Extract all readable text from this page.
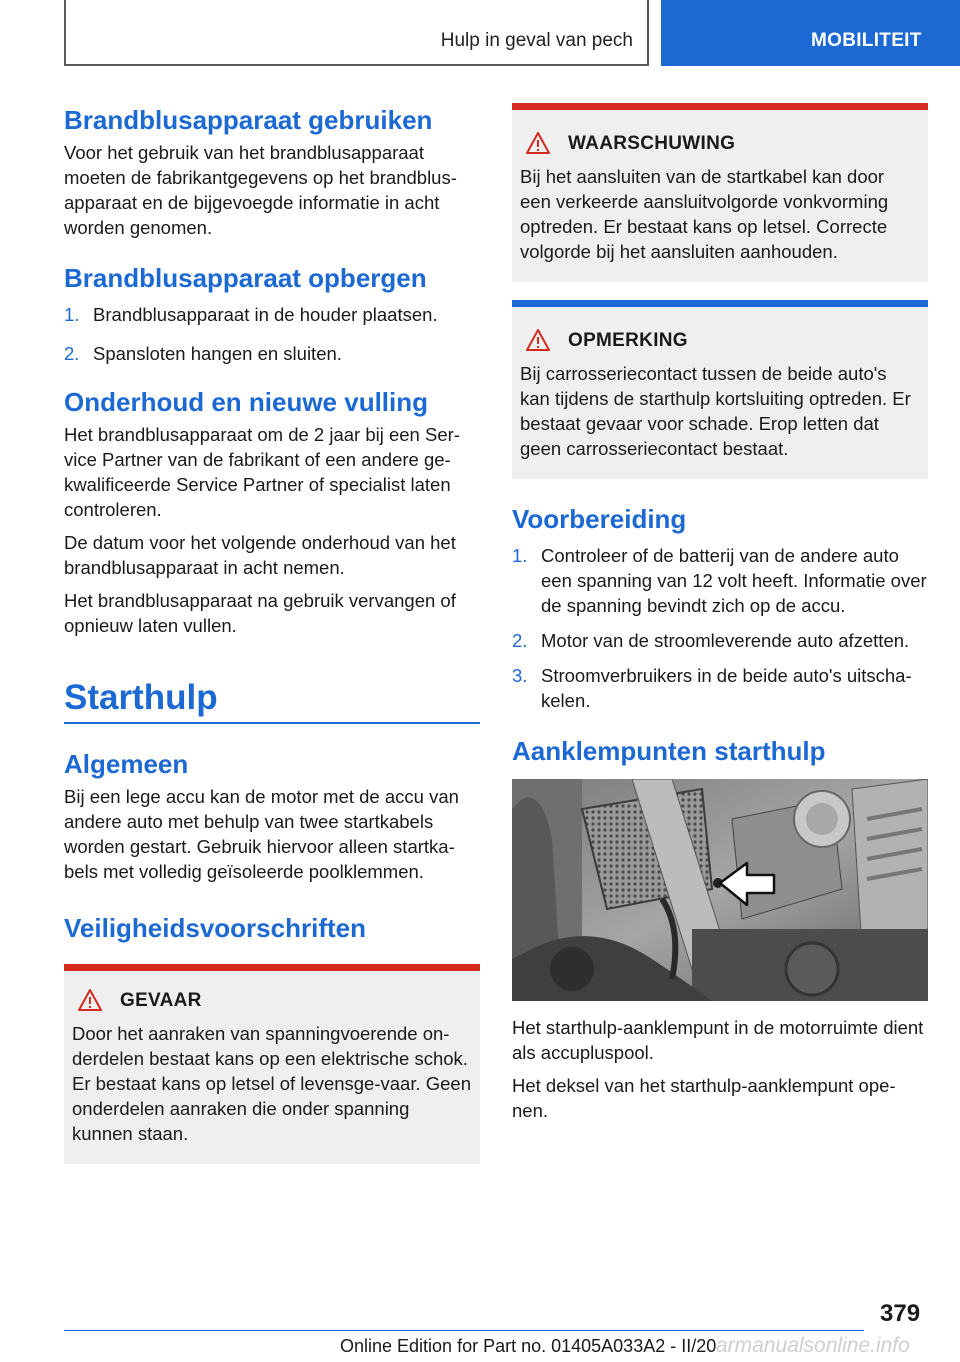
Hulp in geval van pech	MOBILITEIT
Brandblusapparaat gebruiken

Voor het gebruik van het brandblusapparaat moeten de fabrikantgegevens op het brandblus-apparaat en de bijgevoegde informatie in acht worden genomen.

Brandblusapparaat opbergen
1. Brandblusapparaat in de houder plaatsen.
2. Spansloten hangen en sluiten.
Onderhoud en nieuwe vulling

Het brandblusapparaat om de 2 jaar bij een Ser-vice Partner van de fabrikant of een andere ge-kwalificeerde Service Partner of specialist laten controleren.

De datum voor het volgende onderhoud van het brandblusapparaat in acht nemen.

Het brandblusapparaat na gebruik vervangen of opnieuw laten vullen.

Starthulp
Algemeen

Bij een lege accu kan de motor met de accu van andere auto met behulp van twee startkabels worden gestart. Gebruik hiervoor alleen startka-bels met volledig geïsoleerde poolklemmen.

Veiligheidsvoorschriften
GEVAAR
Door het aanraken van spanningvoerende on-derdelen bestaat kans op een elektrische schok. Er bestaat kans op letsel of levensge-vaar. Geen onderdelen aanraken die onder spanning kunnen staan.
WAARSCHUWING
Bij het aansluiten van de startkabel kan door een verkeerde aansluitvolgorde vonkvorming optreden. Er bestaat kans op letsel. Correcte volgorde bij het aansluiten aanhouden.
OPMERKING
Bij carrosseriecontact tussen de beide auto's kan tijdens de starthulp kortsluiting optreden. Er bestaat gevaar voor schade. Erop letten dat geen carrosseriecontact bestaat.
Voorbereiding
1. Controleer of de batterij van de andere auto een spanning van 12 volt heeft. Informatie over de spanning bevindt zich op de accu.
2. Motor van de stroomleverende auto afzetten.
3. Stroomverbruikers in de beide auto's uitscha-kelen.
Aanklempunten starthulp

Het starthulp-aanklempunt in de motorruimte dient als accupluspool.

Het deksel van het starthulp-aanklempunt ope-nen.

379
Online Edition for Part no. 01405A033A2 - II/20 armanualsonline.info
